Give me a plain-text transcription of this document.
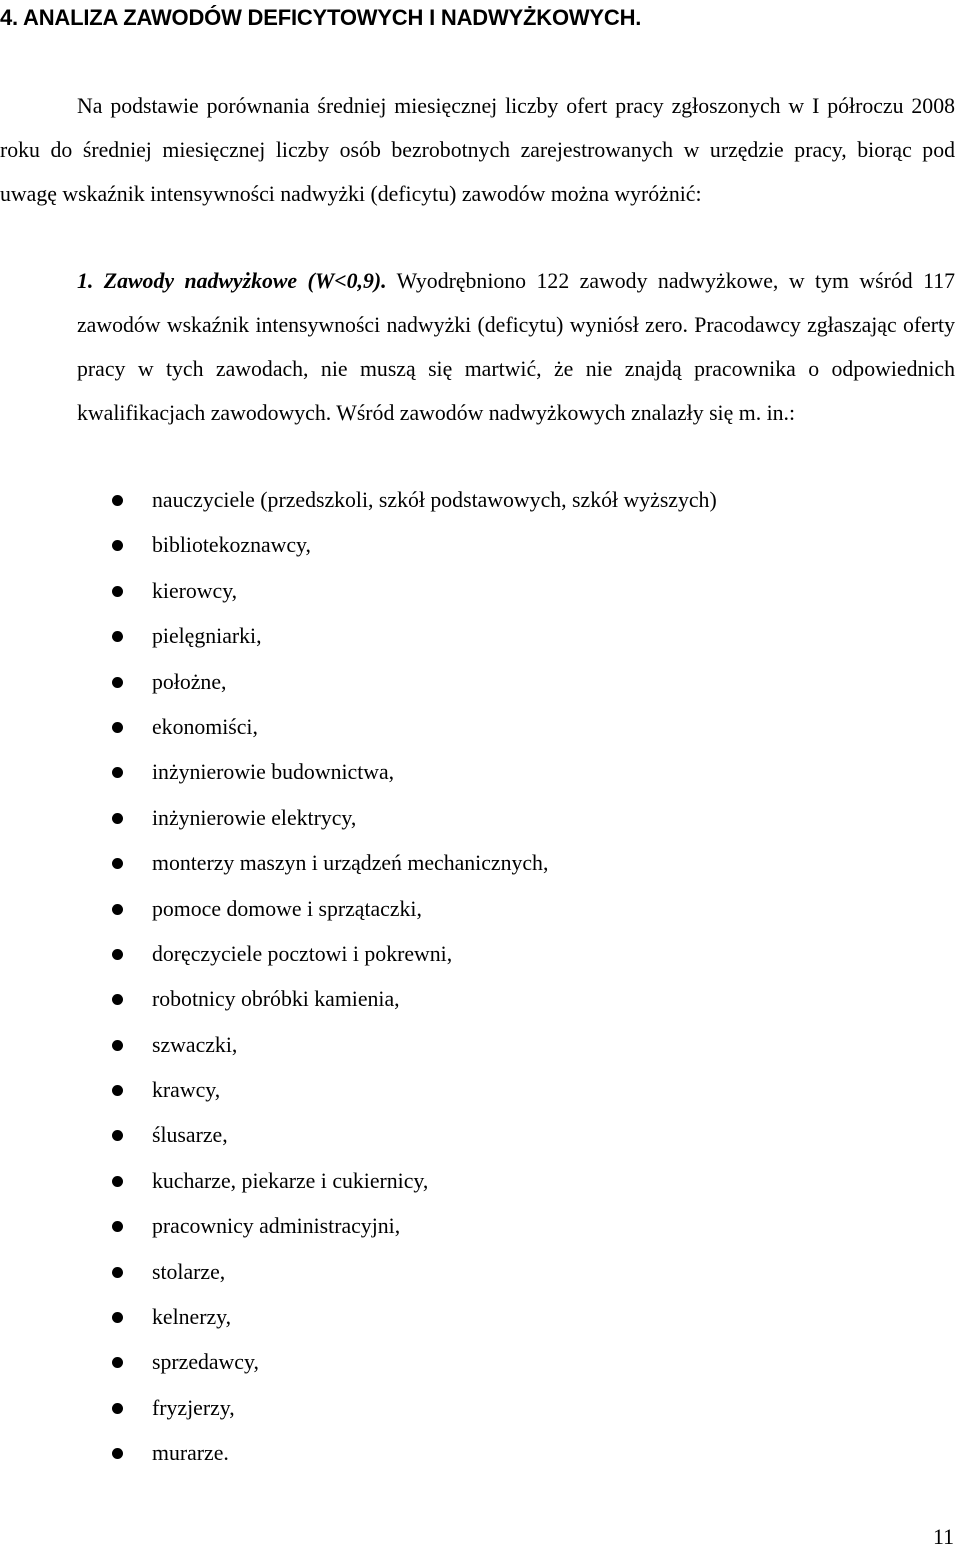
4. ANALIZA ZAWODÓW DEFICYTOWYCH I NADWYŻKOWYCH.

Na podstawie porównania średniej miesięcznej liczby ofert pracy zgłoszonych w I półroczu 2008 roku do średniej miesięcznej liczby osób bezrobotnych zarejestrowanych w urzędzie pracy, biorąc pod uwagę wskaźnik intensywności nadwyżki (deficytu) zawodów można wyróżnić:

1. Zawody nadwyżkowe (W<0,9). Wyodrębniono 122 zawody nadwyżkowe, w tym wśród 117 zawodów wskaźnik intensywności nadwyżki (deficytu) wyniósł zero. Pracodawcy zgłaszając oferty pracy w tych zawodach, nie muszą się martwić, że nie znajdą pracownika o odpowiednich kwalifikacjach zawodowych. Wśród zawodów nadwyżkowych znalazły się m. in.:

nauczyciele (przedszkoli, szkół podstawowych, szkół wyższych)
bibliotekoznawcy,
kierowcy,
pielęgniarki,
położne,
ekonomiści,
inżynierowie budownictwa,
inżynierowie elektrycy,
monterzy maszyn i urządzeń mechanicznych,
pomoce domowe i sprzątaczki,
doręczyciele pocztowi i pokrewni,
robotnicy obróbki kamienia,
szwaczki,
krawcy,
ślusarze,
kucharze, piekarze i cukiernicy,
pracownicy administracyjni,
stolarze,
kelnerzy,
sprzedawcy,
fryzjerzy,
murarze.
11
